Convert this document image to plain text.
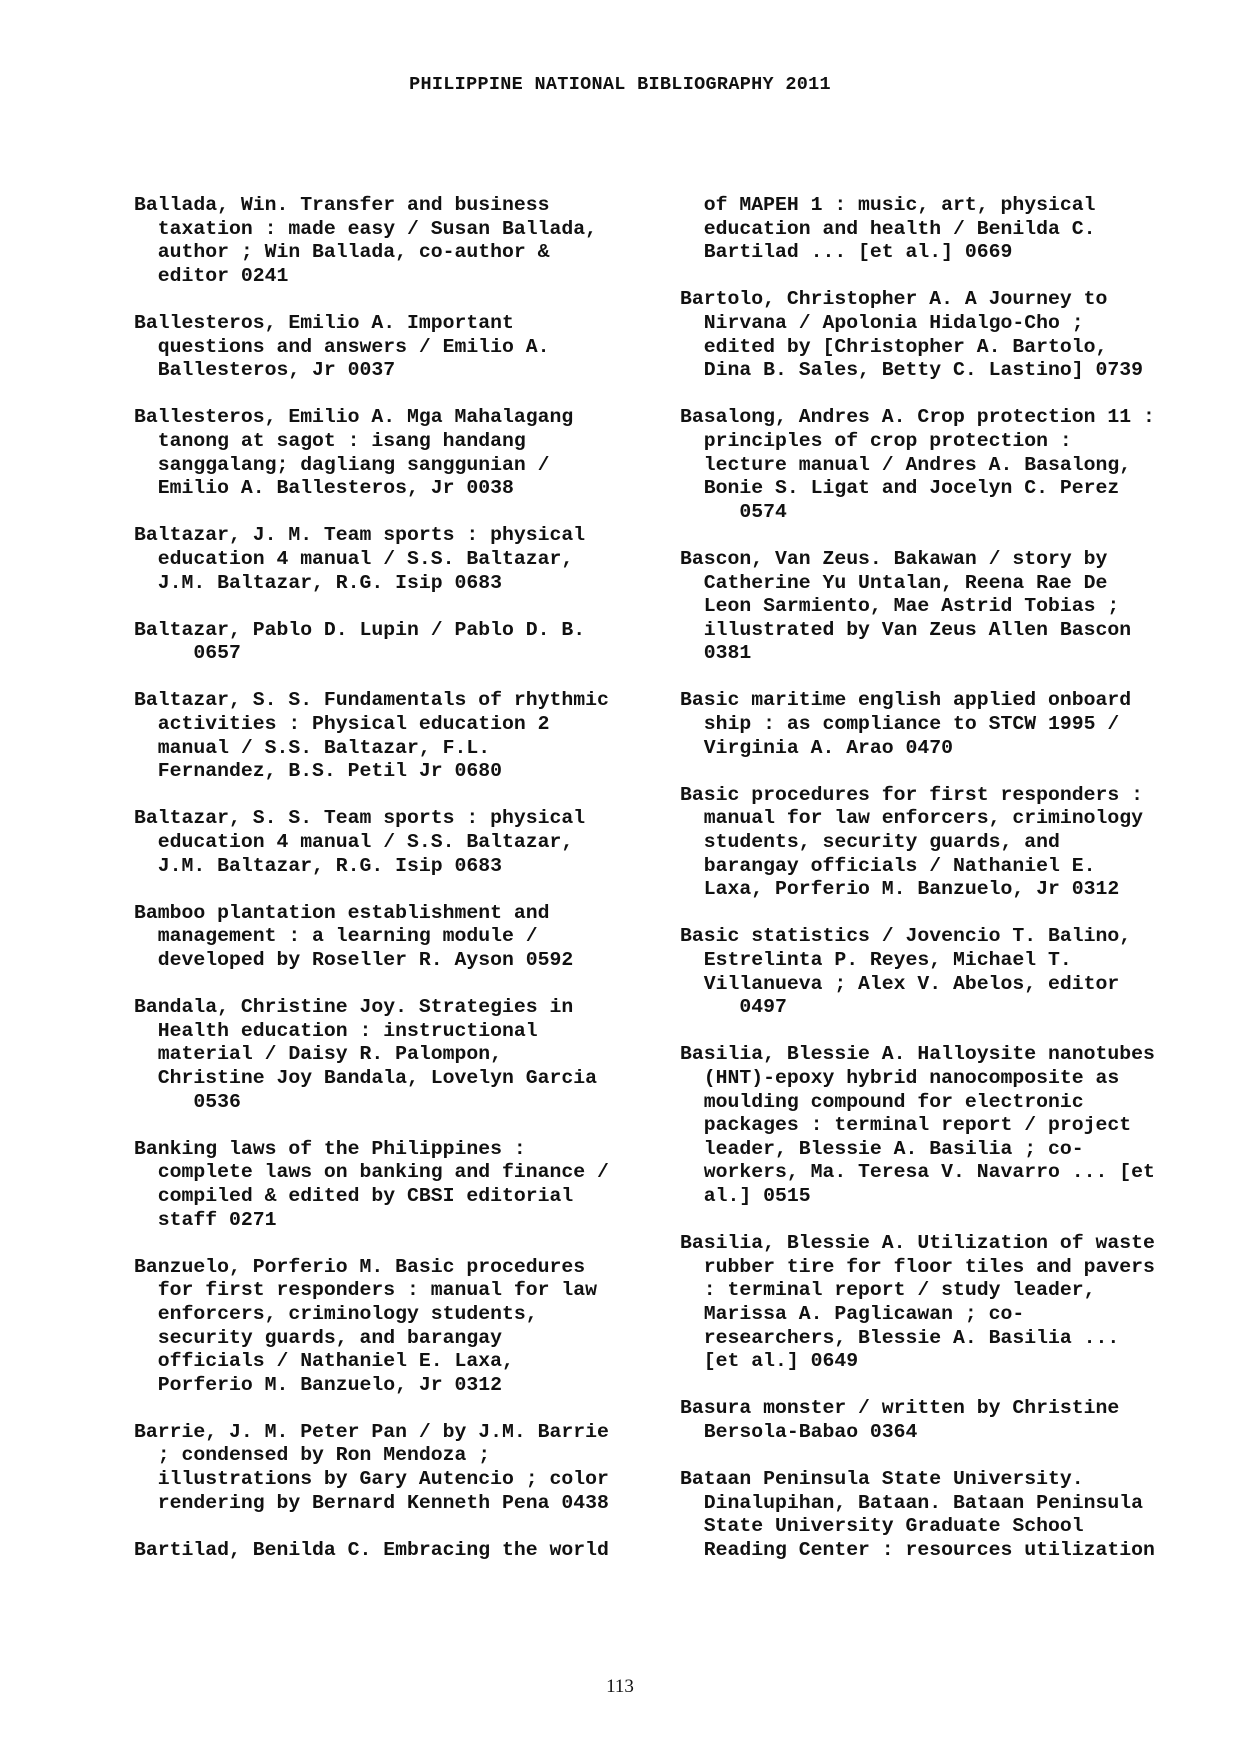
PHILIPPINE NATIONAL BIBLIOGRAPHY 2011
Ballada, Win. Transfer and business
taxation : made easy / Susan Ballada,
author ; Win Ballada, co-author &
editor 0241
Ballesteros, Emilio A. Important
questions and answers / Emilio A.
Ballesteros, Jr 0037
Ballesteros, Emilio A. Mga Mahalagang
tanong at sagot : isang handang
sanggalang; dagliang sanggunian /
Emilio A. Ballesteros, Jr 0038
Baltazar, J. M. Team sports : physical
education 4 manual / S.S. Baltazar,
J.M. Baltazar, R.G. Isip 0683
Baltazar, Pablo D. Lupin / Pablo D. B.
0657
Baltazar, S. S. Fundamentals of rhythmic
activities : Physical education 2
manual / S.S. Baltazar, F.L.
Fernandez, B.S. Petil Jr 0680
Baltazar, S. S. Team sports : physical
education 4 manual / S.S. Baltazar,
J.M. Baltazar, R.G. Isip 0683
Bamboo plantation establishment and
management : a learning module /
developed by Roseller R. Ayson 0592
Bandala, Christine Joy. Strategies in
Health education : instructional
material / Daisy R. Palompon,
Christine Joy Bandala, Lovelyn Garcia
0536
Banking laws of the Philippines :
complete laws on banking and finance /
compiled & edited by CBSI editorial
staff 0271
Banzuelo, Porferio M. Basic procedures
for first responders : manual for law
enforcers, criminology students,
security guards, and barangay
officials / Nathaniel E. Laxa,
Porferio M. Banzuelo, Jr 0312
Barrie, J. M. Peter Pan / by J.M. Barrie
; condensed by Ron Mendoza ;
illustrations by Gary Autencio ; color
rendering by Bernard Kenneth Pena 0438
Bartilad, Benilda C. Embracing the world
of MAPEH 1 : music, art, physical
education and health / Benilda C.
Bartilad ... [et al.] 0669
Bartolo, Christopher A. A Journey to
Nirvana / Apolonia Hidalgo-Cho ;
edited by [Christopher A. Bartolo,
Dina B. Sales, Betty C. Lastino] 0739
Basalong, Andres A. Crop protection 11 :
principles of crop protection :
lecture manual / Andres A. Basalong,
Bonie S. Ligat and Jocelyn C. Perez
0574
Bascon, Van Zeus. Bakawan / story by
Catherine Yu Untalan, Reena Rae De
Leon Sarmiento, Mae Astrid Tobias ;
illustrated by Van Zeus Allen Bascon
0381
Basic maritime english applied onboard
ship : as compliance to STCW 1995 /
Virginia A. Arao 0470
Basic procedures for first responders :
manual for law enforcers, criminology
students, security guards, and
barangay officials / Nathaniel E.
Laxa, Porferio M. Banzuelo, Jr 0312
Basic statistics / Jovencio T. Balino,
Estrelinta P. Reyes, Michael T.
Villanueva ; Alex V. Abelos, editor
0497
Basilia, Blessie A. Halloysite nanotubes
(HNT)-epoxy hybrid nanocomposite as
moulding compound for electronic
packages : terminal report / project
leader, Blessie A. Basilia ; co-
workers, Ma. Teresa V. Navarro ... [et
al.] 0515
Basilia, Blessie A. Utilization of waste
rubber tire for floor tiles and pavers
: terminal report / study leader,
Marissa A. Paglicawan ; co-
researchers, Blessie A. Basilia ...
[et al.] 0649
Basura monster / written by Christine
Bersola-Babao 0364
Bataan Peninsula State University.
Dinalupihan, Bataan. Bataan Peninsula
State University Graduate School
Reading Center : resources utilization
113
